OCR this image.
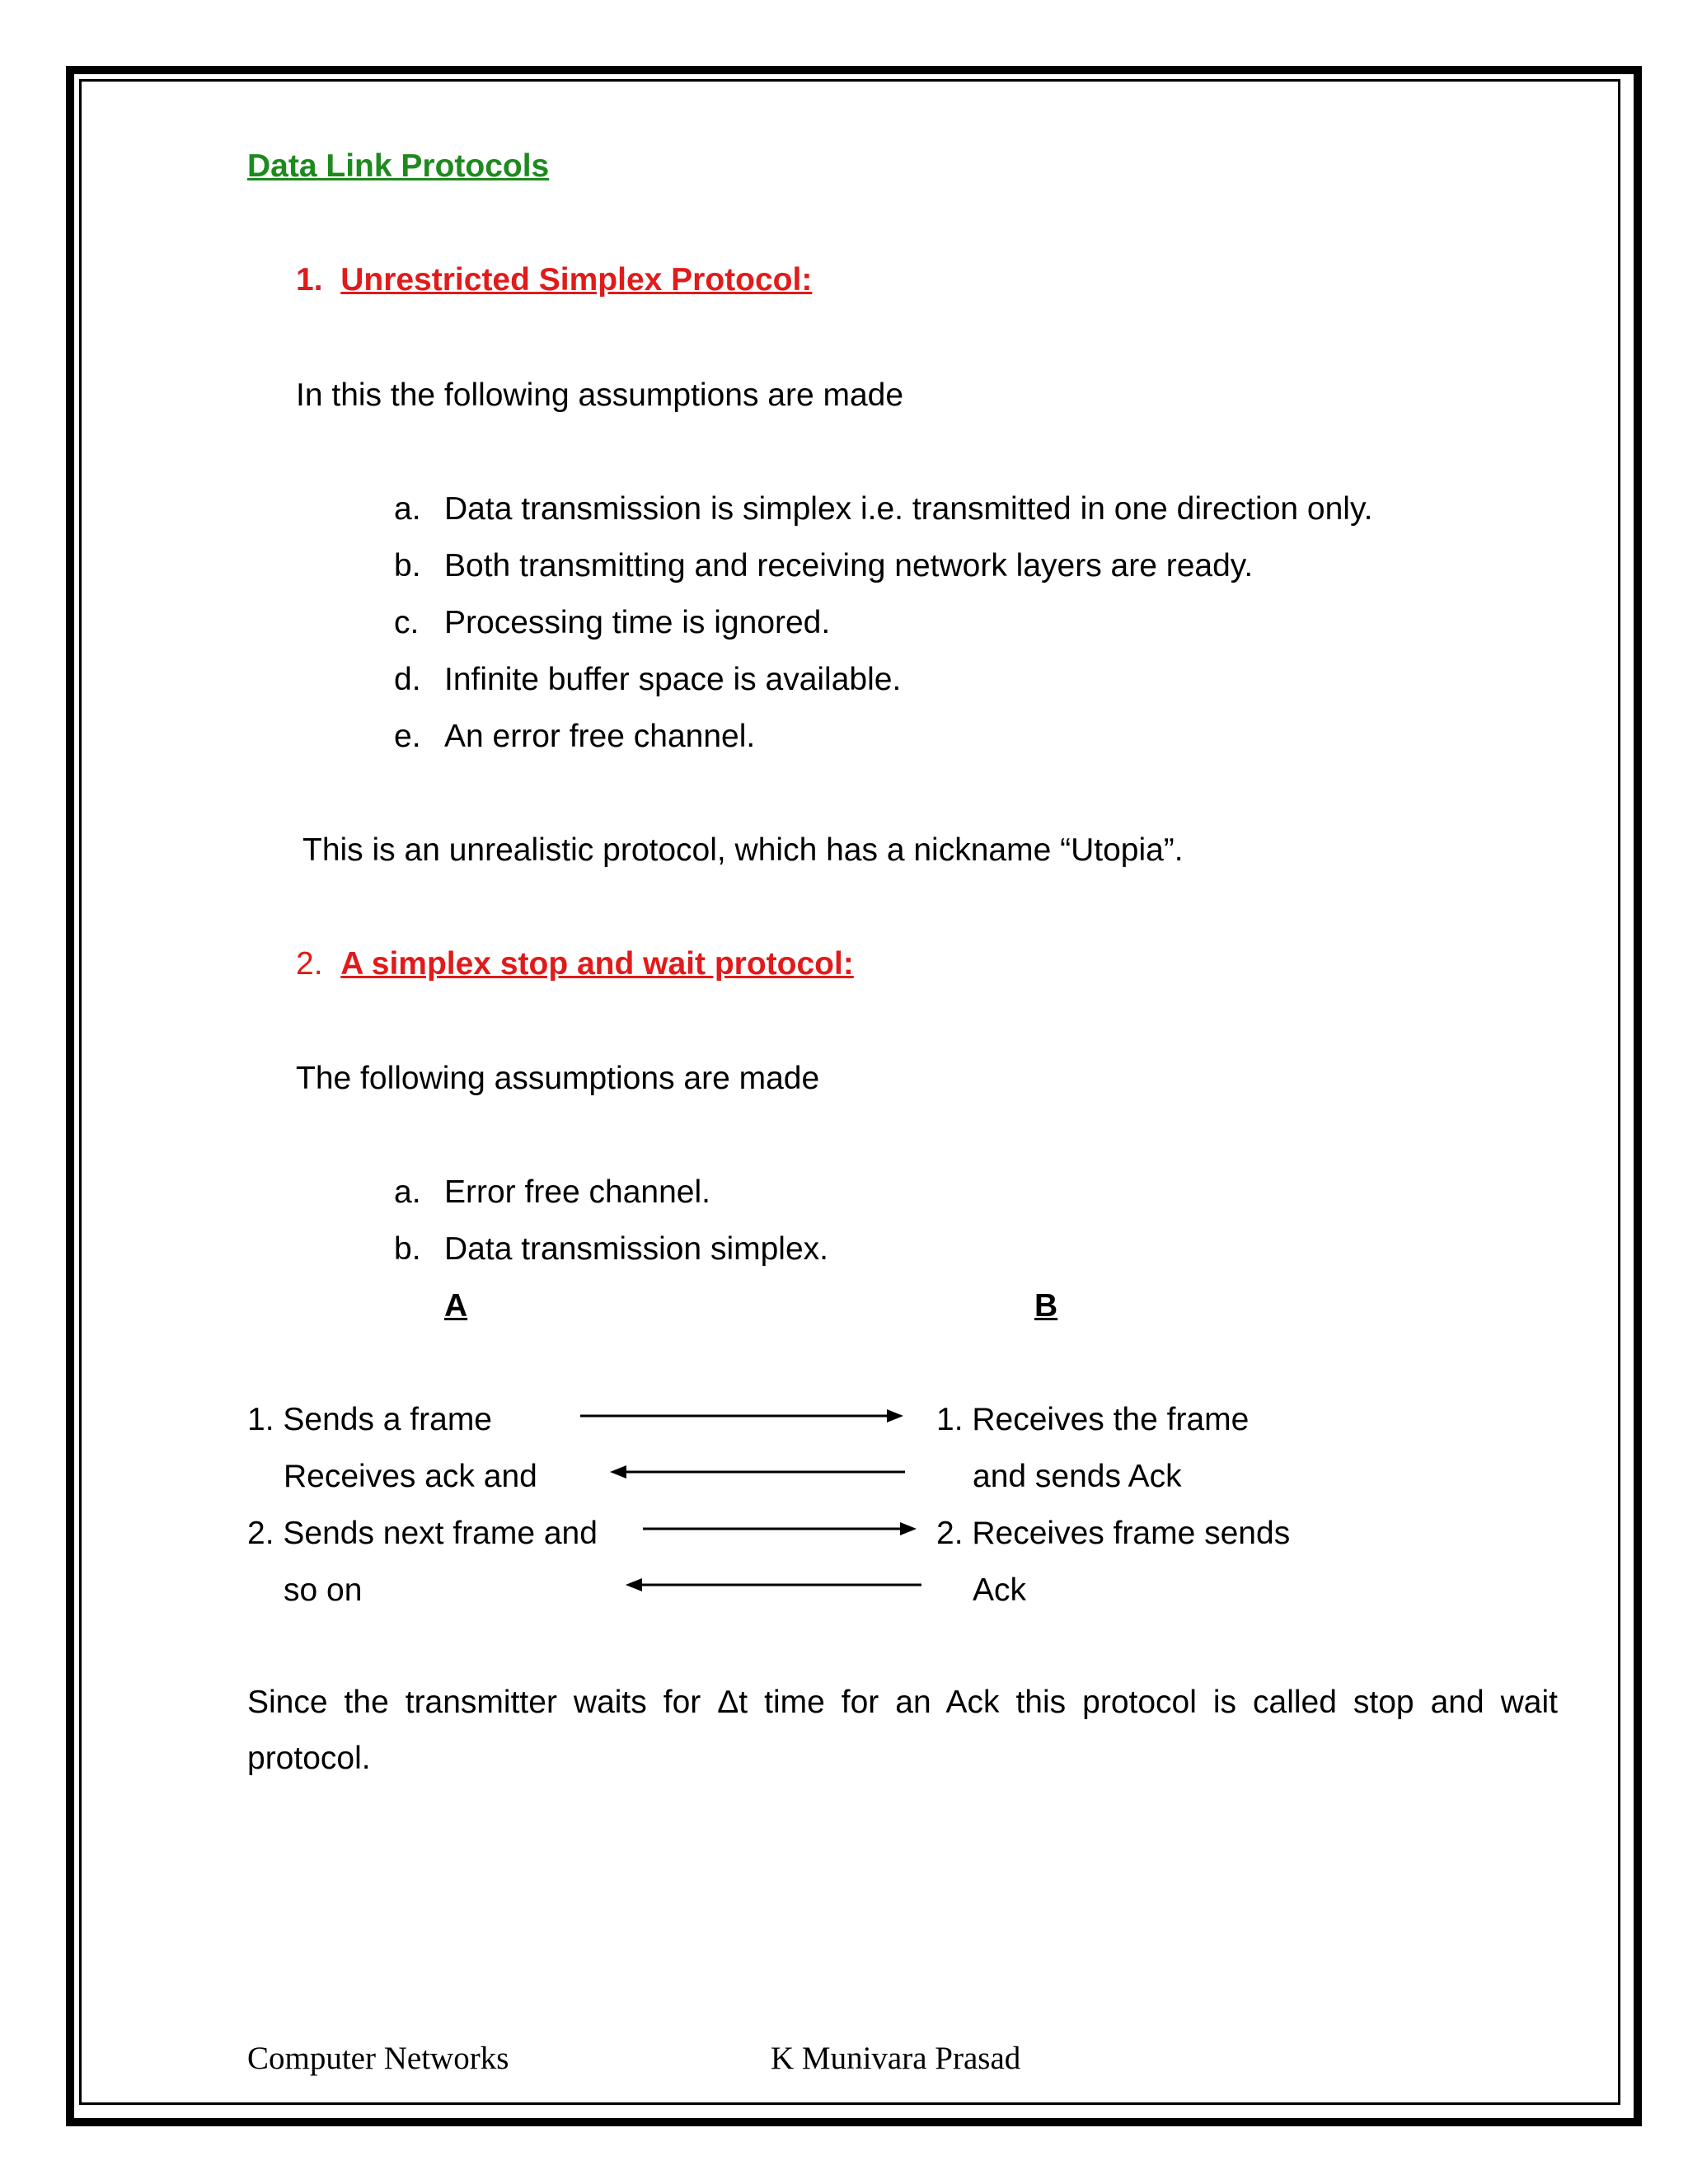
Data Link Protocols
1. Unrestricted Simplex Protocol:
In this the following assumptions are made
a. Data transmission is simplex i.e. transmitted in one direction only.
b. Both transmitting and receiving network layers are ready.
c. Processing time is ignored.
d. Infinite buffer space is available.
e. An error free channel.
This is an unrealistic protocol, which has a nickname “Utopia”.
2. A simplex stop and wait protocol:
The following assumptions are made
a. Error free channel.
b. Data transmission simplex.
A	B
1. Sends a frame
Receives ack and
2. Sends next frame and
so on
1. Receives the frame
and sends Ack
2. Receives frame sends
Ack
Since the transmitter waits for Δt time for an Ack this protocol is called stop and wait protocol.
Computer Networks	K Munivara Prasad
